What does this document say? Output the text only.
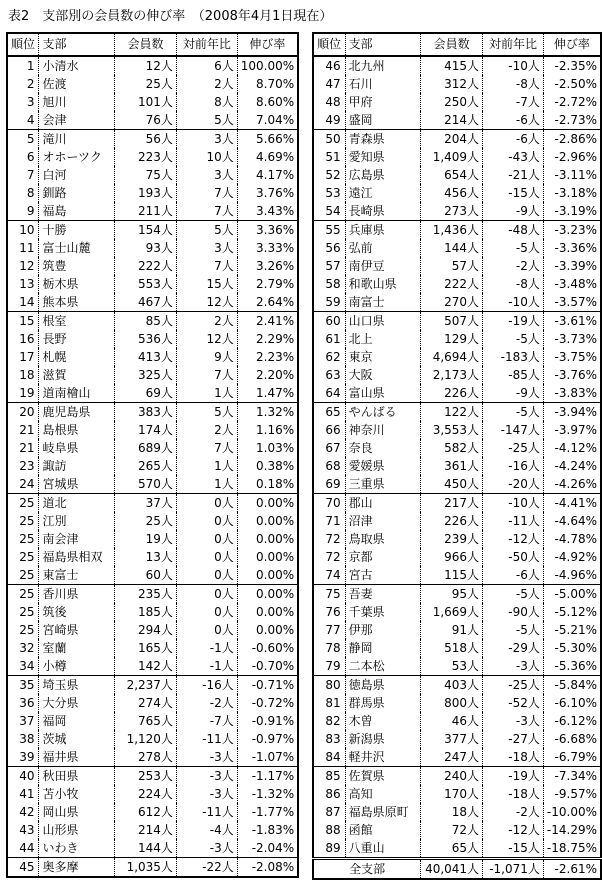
表2　支部別の会員数の伸び率　（2008年4月1日現在）
順位	支部	会員数	対前年比	伸び率
1	小清水	12人	6人	100.00%
2	佐渡	25人	2人	8.70%
3	旭川	101人	8人	8.60%
4	会津	76人	5人	7.04%
5	滝川	56人	3人	5.66%
6	オホーツク	223人	10人	4.69%
7	白河	75人	3人	4.17%
8	釧路	193人	7人	3.76%
9	福島	211人	7人	3.43%
10	十勝	154人	5人	3.36%
11	富士山麓	93人	3人	3.33%
12	筑豊	222人	7人	3.26%
13	栃木県	553人	15人	2.79%
14	熊本県	467人	12人	2.64%
15	根室	85人	2人	2.41%
16	長野	536人	12人	2.29%
17	札幌	413人	9人	2.23%
18	滋賀	325人	7人	2.20%
19	道南檜山	69人	1人	1.47%
20	鹿児島県	383人	5人	1.32%
21	島根県	174人	2人	1.16%
21	岐阜県	689人	7人	1.03%
23	諏訪	265人	1人	0.38%
24	宮城県	570人	1人	0.18%
25	道北	37人	0人	0.00%
25	江別	25人	0人	0.00%
25	南会津	19人	0人	0.00%
25	福島県相双	13人	0人	0.00%
25	東富士	60人	0人	0.00%
25	香川県	235人	0人	0.00%
25	筑後	185人	0人	0.00%
25	宮崎県	294人	0人	0.00%
32	室蘭	165人	-1人	-0.60%
34	小樽	142人	-1人	-0.70%
35	埼玉県	2,237人	-16人	-0.71%
36	大分県	274人	-2人	-0.72%
37	福岡	765人	-7人	-0.91%
38	茨城	1,120人	-11人	-0.97%
39	福井県	278人	-3人	-1.07%
40	秋田県	253人	-3人	-1.17%
41	苫小牧	224人	-3人	-1.32%
42	岡山県	612人	-11人	-1.77%
43	山形県	214人	-4人	-1.83%
44	いわき	144人	-3人	-2.04%
45	奥多摩	1,035人	-22人	-2.08%
順位	支部	会員数	対前年比	伸び率
46	北九州	415人	-10人	-2.35%
47	石川	312人	-8人	-2.50%
48	甲府	250人	-7人	-2.72%
49	盛岡	214人	-6人	-2.73%
50	青森県	204人	-6人	-2.86%
51	愛知県	1,409人	-43人	-2.96%
52	広島県	654人	-21人	-3.11%
53	遠江	456人	-15人	-3.18%
54	長崎県	273人	-9人	-3.19%
55	兵庫県	1,436人	-48人	-3.23%
56	弘前	144人	-5人	-3.36%
57	南伊豆	57人	-2人	-3.39%
58	和歌山県	222人	-8人	-3.48%
59	南富士	270人	-10人	-3.57%
60	山口県	507人	-19人	-3.61%
61	北上	129人	-5人	-3.73%
62	東京	4,694人	-183人	-3.75%
63	大阪	2,173人	-85人	-3.76%
64	富山県	226人	-9人	-3.83%
65	やんばる	122人	-5人	-3.94%
66	神奈川	3,553人	-147人	-3.97%
67	奈良	582人	-25人	-4.12%
68	愛媛県	361人	-16人	-4.24%
69	三重県	450人	-20人	-4.26%
70	郡山	217人	-10人	-4.41%
71	沼津	226人	-11人	-4.64%
72	鳥取県	239人	-12人	-4.78%
72	京都	966人	-50人	-4.92%
74	宮古	115人	-6人	-4.96%
75	吾妻	95人	-5人	-5.00%
76	千葉県	1,669人	-90人	-5.12%
77	伊那	91人	-5人	-5.21%
78	静岡	518人	-29人	-5.30%
79	二本松	53人	-3人	-5.36%
80	徳島県	403人	-25人	-5.84%
81	群馬県	800人	-52人	-6.10%
82	木曽	46人	-3人	-6.12%
83	新潟県	377人	-27人	-6.68%
84	軽井沢	247人	-18人	-6.79%
85	佐賀県	240人	-19人	-7.34%
86	高知	170人	-18人	-9.57%
87	福島県原町	18人	-2人	-10.00%
88	函館	72人	-12人	-14.29%
89	八重山	65人	-15人	-18.75%
全支部		40,041人	-1,071人	-2.61%
